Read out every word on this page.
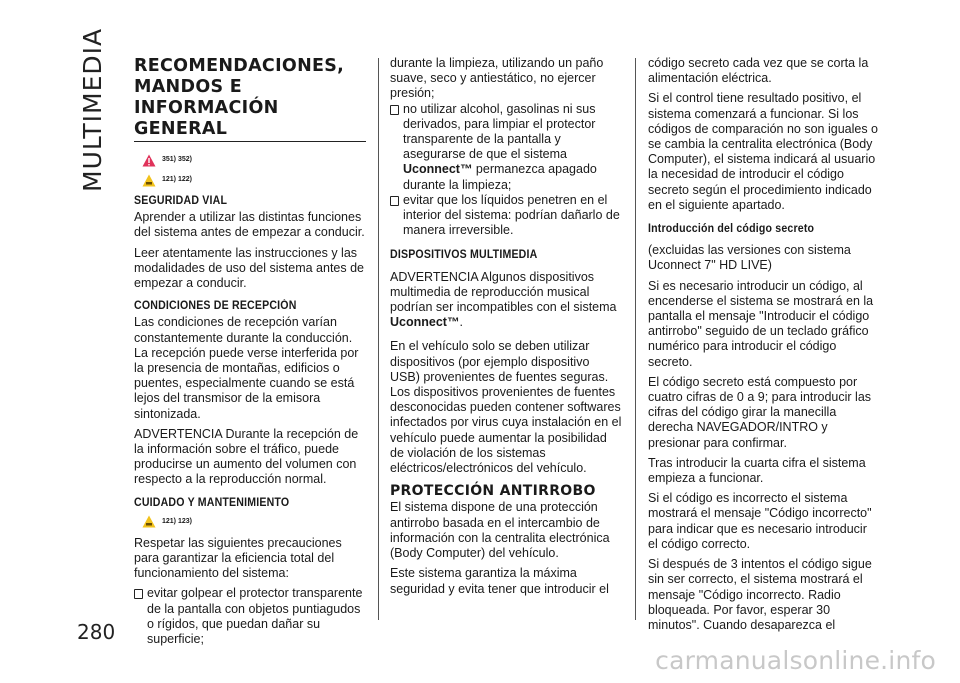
MULTIMEDIA
280
RECOMENDACIONES, MANDOS E INFORMACIÓN GENERAL
351) 352)
121) 122)
SEGURIDAD VIAL

Aprender a utilizar las distintas funciones del sistema antes de empezar a conducir.

Leer atentamente las instrucciones y las modalidades de uso del sistema antes de empezar a conducir.

CONDICIONES DE RECEPCIÓN

Las condiciones de recepción varían constantemente durante la conducción. La recepción puede verse interferida por la presencia de montañas, edificios o puentes, especialmente cuando se está lejos del transmisor de la emisora sintonizada.

ADVERTENCIA Durante la recepción de la información sobre el tráfico, puede producirse un aumento del volumen con respecto a la reproducción normal.

CUIDADO Y MANTENIMIENTO
121) 123)

Respetar las siguientes precauciones para garantizar la eficiencia total del funcionamiento del sistema:

evitar golpear el protector transparente de la pantalla con objetos puntiagudos o rígidos, que puedan dañar su superficie;

durante la limpieza, utilizando un paño suave, seco y antiestático, no ejercer presión;

no utilizar alcohol, gasolinas ni sus derivados, para limpiar el protector transparente de la pantalla y asegurarse de que el sistema Uconnect™ permanezca apagado durante la limpieza;
evitar que los líquidos penetren en el interior del sistema: podrían dañarlo de manera irreversible.
DISPOSITIVOS MULTIMEDIA

ADVERTENCIA Algunos dispositivos multimedia de reproducción musical podrían ser incompatibles con el sistema Uconnect™.

En el vehículo solo se deben utilizar dispositivos (por ejemplo dispositivo USB) provenientes de fuentes seguras. Los dispositivos provenientes de fuentes desconocidas pueden contener softwares infectados por virus cuya instalación en el vehículo puede aumentar la posibilidad de violación de los sistemas eléctricos/electrónicos del vehículo.

PROTECCIÓN ANTIRROBO

El sistema dispone de una protección antirrobo basada en el intercambio de información con la centralita electrónica (Body Computer) del vehículo.

Este sistema garantiza la máxima seguridad y evita tener que introducir el

código secreto cada vez que se corta la alimentación eléctrica.

Si el control tiene resultado positivo, el sistema comenzará a funcionar. Si los códigos de comparación no son iguales o se cambia la centralita electrónica (Body Computer), el sistema indicará al usuario la necesidad de introducir el código secreto según el procedimiento indicado en el siguiente apartado.

Introducción del código secreto

(excluidas las versiones con sistema Uconnect 7" HD LIVE)

Si es necesario introducir un código, al encenderse el sistema se mostrará en la pantalla el mensaje "Introducir el código antirrobo" seguido de un teclado gráfico numérico para introducir el código secreto.

El código secreto está compuesto por cuatro cifras de 0 a 9; para introducir las cifras del código girar la manecilla derecha NAVEGADOR/INTRO y presionar para confirmar.

Tras introducir la cuarta cifra el sistema empieza a funcionar.

Si el código es incorrecto el sistema mostrará el mensaje "Código incorrecto" para indicar que es necesario introducir el código correcto.

Si después de 3 intentos el código sigue sin ser correcto, el sistema mostrará el mensaje "Código incorrecto. Radio bloqueada. Por favor, esperar 30 minutos". Cuando desaparezca el

carmanualsonline.info
